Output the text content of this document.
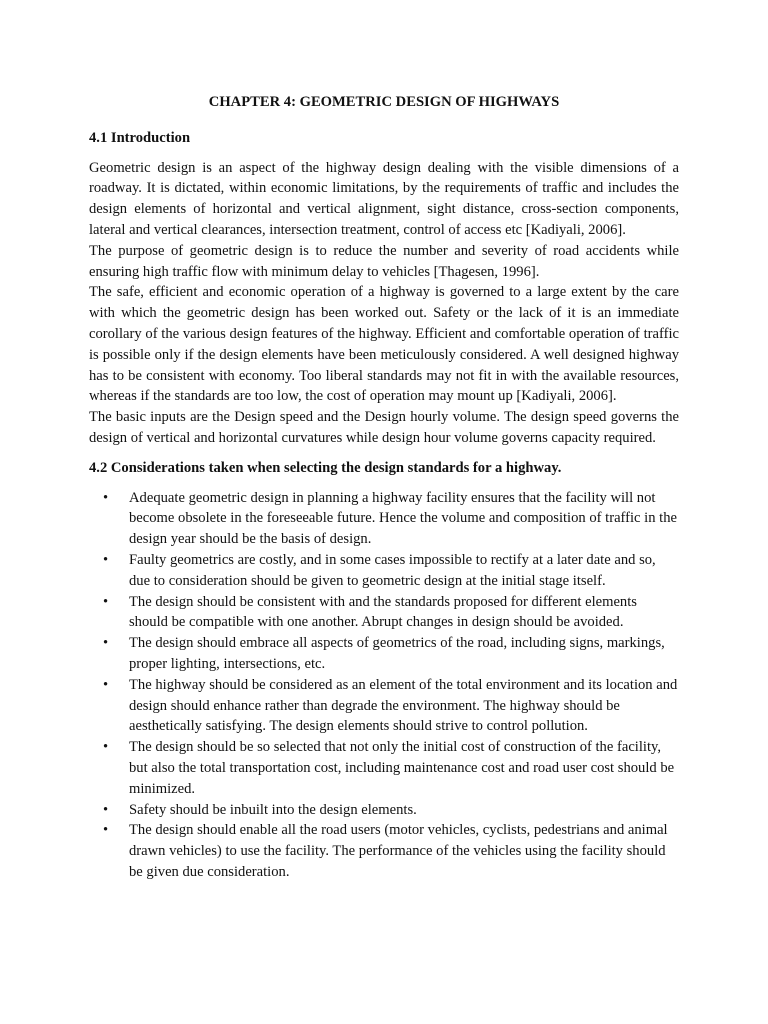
CHAPTER 4: GEOMETRIC DESIGN OF HIGHWAYS
4.1 Introduction

Geometric design is an aspect of the highway design dealing with the visible dimensions of a roadway. It is dictated, within economic limitations, by the requirements of traffic and includes the design elements of horizontal and vertical alignment, sight distance, cross-section components, lateral and vertical clearances, intersection treatment, control of access etc [Kadiyali, 2006].

The purpose of geometric design is to reduce the number and severity of road accidents while ensuring high traffic flow with minimum delay to vehicles [Thagesen, 1996].

The safe, efficient and economic operation of a highway is governed to a large extent by the care with which the geometric design has been worked out. Safety or the lack of it is an immediate corollary of the various design features of the highway. Efficient and comfortable operation of traffic is possible only if the design elements have been meticulously considered. A well designed highway has to be consistent with economy. Too liberal standards may not fit in with the available resources, whereas if the standards are too low, the cost of operation may mount up [Kadiyali, 2006].

The basic inputs are the Design speed and the Design hourly volume. The design speed governs the design of vertical and horizontal curvatures while design hour volume governs capacity required.

4.2 Considerations taken when selecting the design standards for a highway.
• Adequate geometric design in planning a highway facility ensures that the facility will not become obsolete in the foreseeable future. Hence the volume and composition of traffic in the design year should be the basis of design.
• Faulty geometrics are costly, and in some cases impossible to rectify at a later date and so, due to consideration should be given to geometric design at the initial stage itself.
• The design should be consistent with and the standards proposed for different elements should be compatible with one another. Abrupt changes in design should be avoided.
• The design should embrace all aspects of geometrics of the road, including signs, markings, proper lighting, intersections, etc.
• The highway should be considered as an element of the total environment and its location and design should enhance rather than degrade the environment. The highway should be aesthetically satisfying. The design elements should strive to control pollution.
• The design should be so selected that not only the initial cost of construction of the facility, but also the total transportation cost, including maintenance cost and road user cost should be minimized.
• Safety should be inbuilt into the design elements.
• The design should enable all the road users (motor vehicles, cyclists, pedestrians and animal drawn vehicles) to use the facility. The performance of the vehicles using the facility should be given due consideration.
